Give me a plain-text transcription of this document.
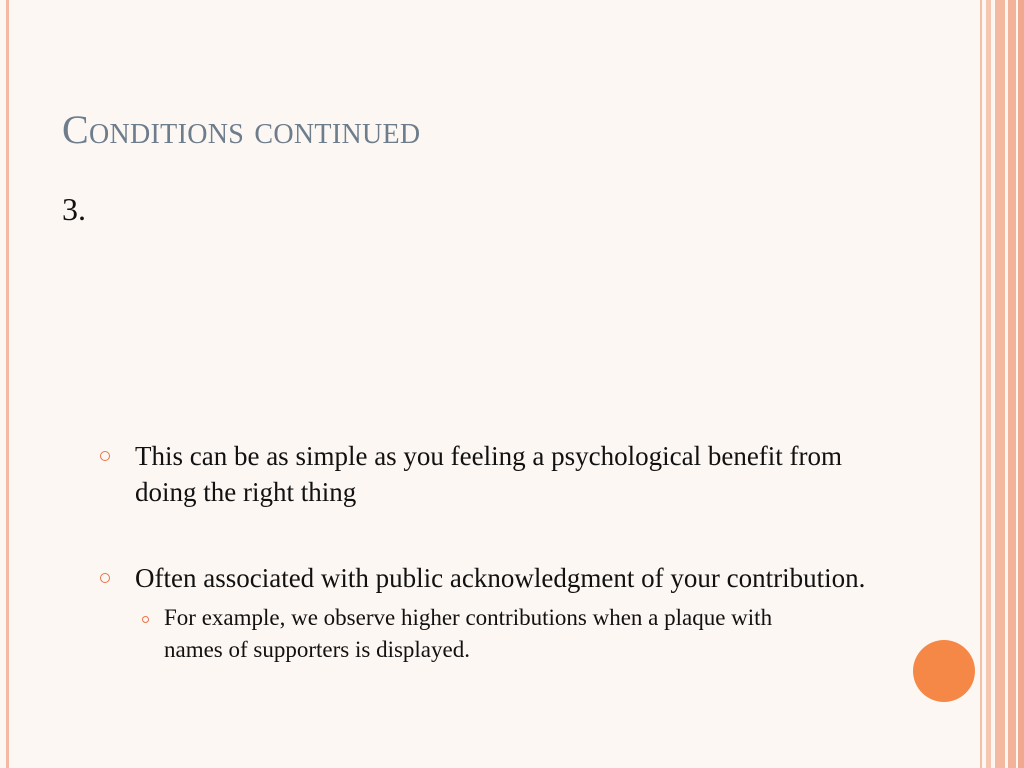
Conditions continued
3.
This can be as simple as you feeling a psychological benefit from doing the right thing
Often associated with public acknowledgment of your contribution.
For example, we observe higher contributions when a plaque with names of supporters is displayed.
